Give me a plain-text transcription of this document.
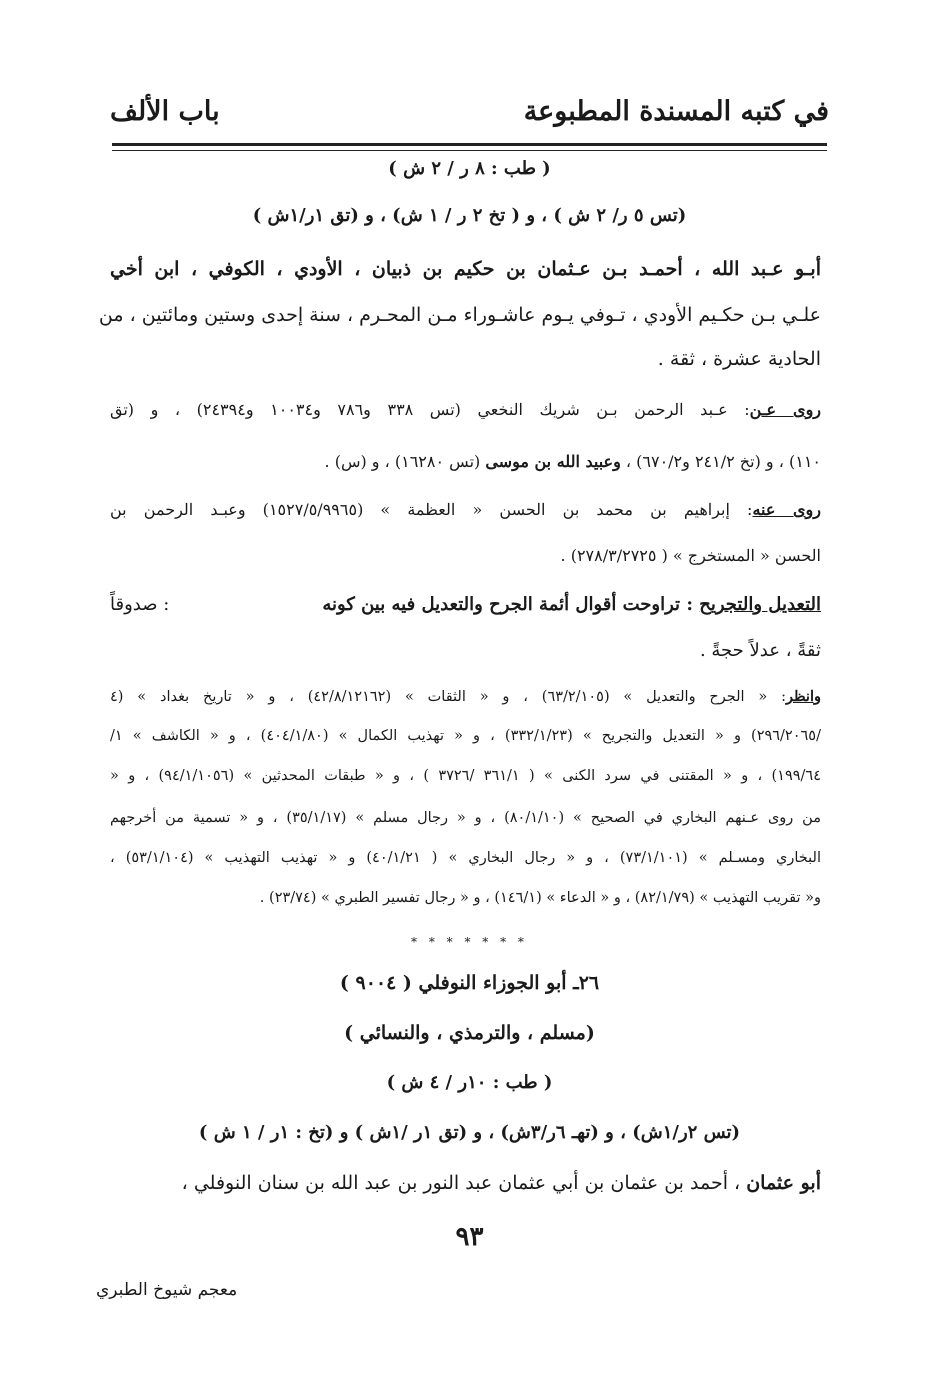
في كتبه المسندة المطبوعة
باب الألف
( طب : ٨ ر / ٢ ش )
(تس ٥ ر/ ٢ ش ) ، و ( تخ ٢ ر / ١ ش) ، و (تق ١ر/١ش )
أبـو عـبد الله ، أحمـد بـن عـثمان بن حكيم بن ذبيان ، الأودي ، الكوفي ، ابن أخي
علـي بـن حكـيم الأودي ، تـوفي يـوم عاشـوراء مـن المحـرم ، سنة إحدى وستين ومائتين ، من
الحادية عشرة ، ثقة .
روى عـن: عـبد الرحمن بـن شريك النخعي (تس ٣٣٨ و٧٨٦ و١٠٠٣٤ و٢٤٣٩٤) ، و (تق
١١٠) ، و (تخ ٢٤١/٢ و٦٧٠/٢) ، وعبيد الله بن موسى (تس ١٦٢٨٠) ، و (س) .
روى عنه: إبراهيم بن محمد بن الحسن « العظمة » (١٥٢٧/٥/٩٩٦٥) وعبـد الرحمن بن
الحسن « المستخرج » ( ٢٧٨/٣/٢٧٢٥) .
التعديل والتجريح : تراوحت أقوال أئمة الجرح والتعديل فيه بين كونه
: صدوقاً
ثقةً ، عدلاً حجةً .
وانظر: « الجرح والتعديل » (٦٣/٢/١٠٥) ، و « الثقات » (٤٢/٨/١٢١٦٢) ، و « تاريخ بغداد » (٤
/٢٩٦/٢٠٦٥) و « التعديل والتجريح » (٣٣٢/١/٢٣) ، و « تهذيب الكمال » (٤٠٤/١/٨٠) ، و « الكاشف » ١/
١٩٩/٦٤) ، و « المقتنى في سرد الكنى » ( ٣٦١/١ /٣٧٢٦ ) ، و « طبقات المحدثين » (٩٤/١/١٠٥٦) ، و «
من روى عـنهم البخاري في الصحيح » (٨٠/١/١٠) ، و « رجال مسلم » (٣٥/١/١٧) ، و « تسمية من أخرجهم
البخاري ومسـلم » (٧٣/١/١٠١) ، و « رجال البخاري » ( ٤٠/١/٢١) و « تهذيب التهذيب » (٥٣/١/١٠٤) ،
و« تقريب التهذيب » (٨٢/١/٧٩) ، و « الدعاء » (١٤٦/١) ، و « رجال تفسير الطبري » (٢٣/٧٤) .
* * * * * * *
٢٦ـ أبو الجوزاء النوفلي ( ٩٠٠٤ )
(مسلم ، والترمذي ، والنسائي )
( طب : ١٠ر / ٤ ش )
(تس ٢ر/١ش) ، و (تهـ ٦ر/٣ش) ، و (تق ١ر /١ش ) و (تخ : ١ر / ١ ش )
أبو عثمان ، أحمد بن عثمان بن أبي عثمان عبد النور بن عبد الله بن سنان النوفلي ،
٩٣
معجم شيوخ الطبري
